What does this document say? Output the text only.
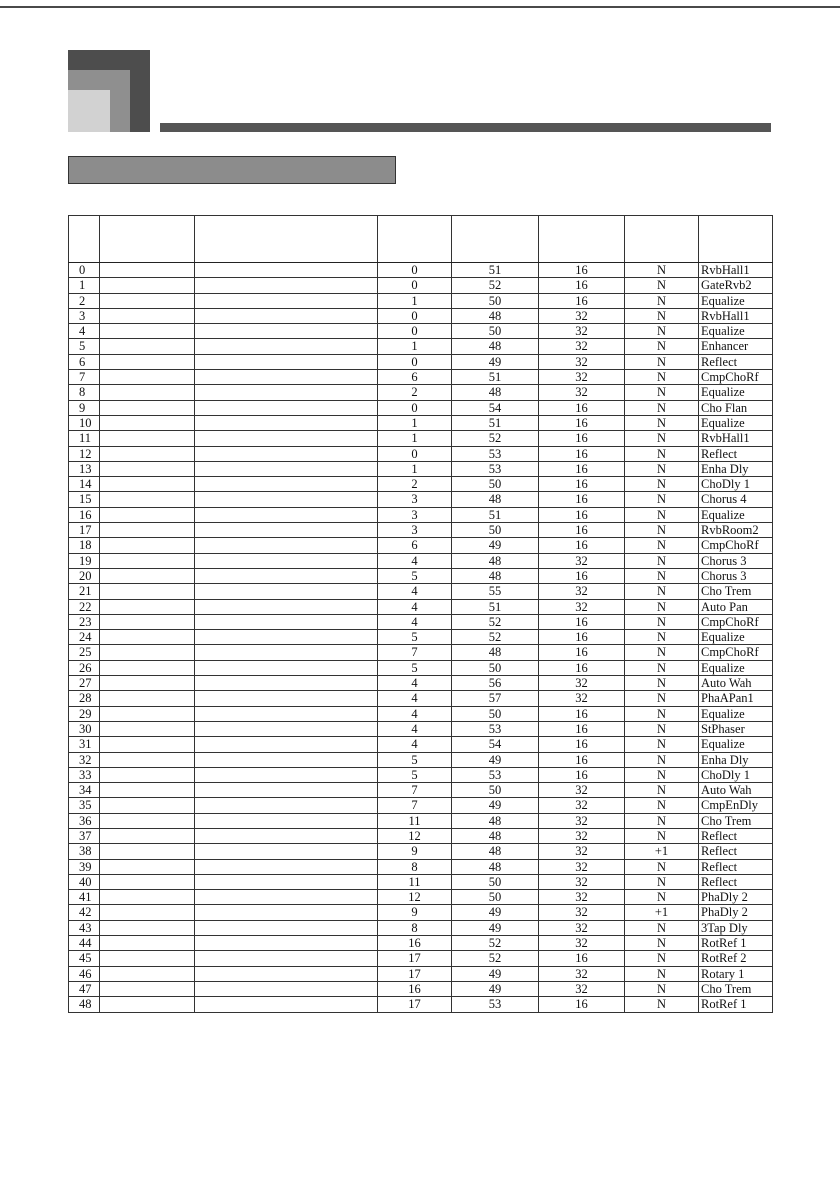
0			0	51	16	N	RvbHall1
1			0	52	16	N	GateRvb2
2			1	50	16	N	Equalize
3			0	48	32	N	RvbHall1
4			0	50	32	N	Equalize
5			1	48	32	N	Enhancer
6			0	49	32	N	Reflect
7			6	51	32	N	CmpChoRf
8			2	48	32	N	Equalize
9			0	54	16	N	Cho Flan
10			1	51	16	N	Equalize
11			1	52	16	N	RvbHall1
12			0	53	16	N	Reflect
13			1	53	16	N	Enha Dly
14			2	50	16	N	ChoDly 1
15			3	48	16	N	Chorus 4
16			3	51	16	N	Equalize
17			3	50	16	N	RvbRoom2
18			6	49	16	N	CmpChoRf
19			4	48	32	N	Chorus 3
20			5	48	16	N	Chorus 3
21			4	55	32	N	Cho Trem
22			4	51	32	N	Auto Pan
23			4	52	16	N	CmpChoRf
24			5	52	16	N	Equalize
25			7	48	16	N	CmpChoRf
26			5	50	16	N	Equalize
27			4	56	32	N	Auto Wah
28			4	57	32	N	PhaAPan1
29			4	50	16	N	Equalize
30			4	53	16	N	StPhaser
31			4	54	16	N	Equalize
32			5	49	16	N	Enha Dly
33			5	53	16	N	ChoDly 1
34			7	50	32	N	Auto Wah
35			7	49	32	N	CmpEnDly
36			11	48	32	N	Cho Trem
37			12	48	32	N	Reflect
38			9	48	32	+1	Reflect
39			8	48	32	N	Reflect
40			11	50	32	N	Reflect
41			12	50	32	N	PhaDly 2
42			9	49	32	+1	PhaDly 2
43			8	49	32	N	3Tap Dly
44			16	52	32	N	RotRef 1
45			17	52	16	N	RotRef 2
46			17	49	32	N	Rotary 1
47			16	49	32	N	Cho Trem
48			17	53	16	N	RotRef 1
